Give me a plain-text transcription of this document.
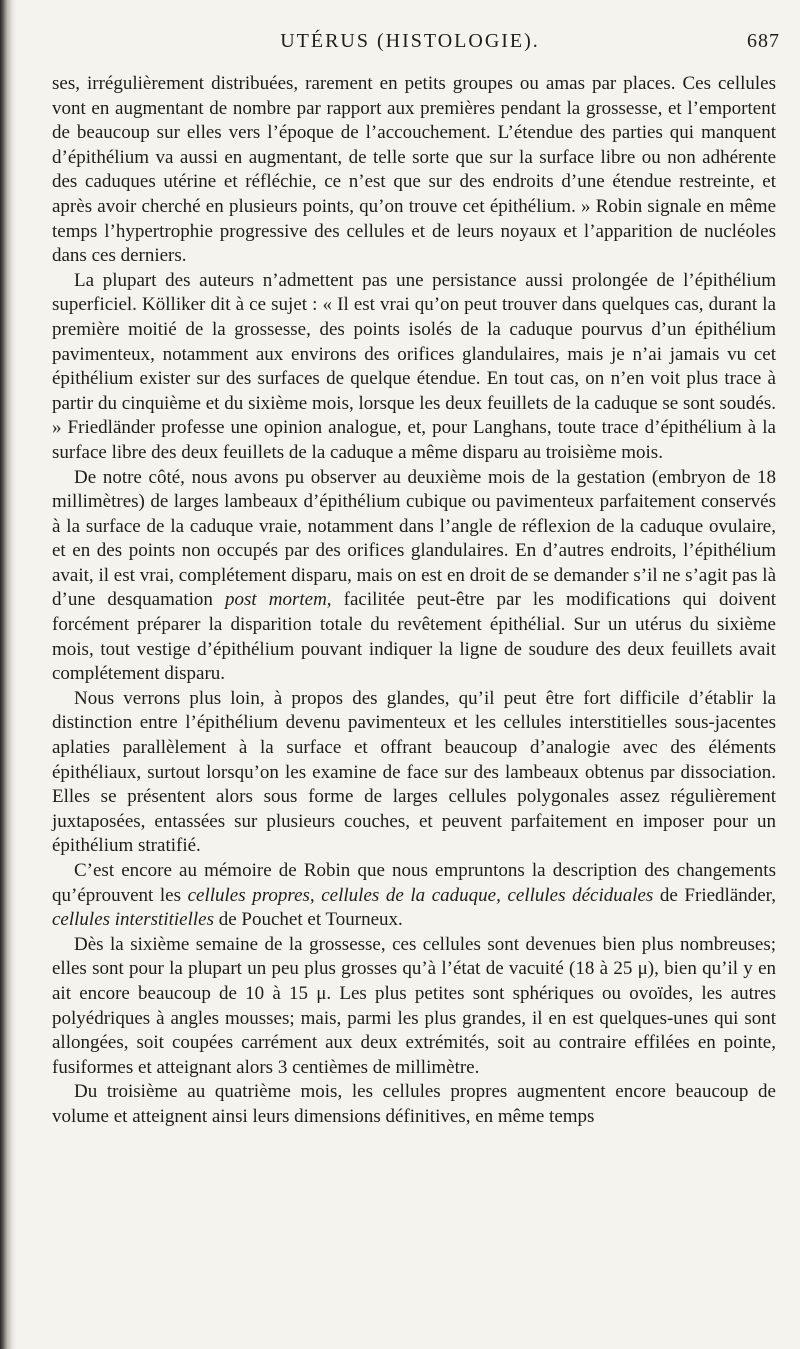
UTÉRUS (HISTOLOGIE).	687

ses, irrégulièrement distribuées, rarement en petits groupes ou amas par places. Ces cellules vont en augmentant de nombre par rapport aux premières pendant la grossesse, et l’emportent de beaucoup sur elles vers l’époque de l’accouchement. L’étendue des parties qui manquent d’épithélium va aussi en augmentant, de telle sorte que sur la surface libre ou non adhérente des caduques utérine et réfléchie, ce n’est que sur des endroits d’une étendue restreinte, et après avoir cherché en plusieurs points, qu’on trouve cet épithélium. » Robin signale en même temps l’hypertrophie progressive des cellules et de leurs noyaux et l’apparition de nucléoles dans ces derniers.

La plupart des auteurs n’admettent pas une persistance aussi prolongée de l’épithélium superficiel. Kölliker dit à ce sujet : « Il est vrai qu’on peut trouver dans quelques cas, durant la première moitié de la grossesse, des points isolés de la caduque pourvus d’un épithélium pavimenteux, notamment aux environs des orifices glandulaires, mais je n’ai jamais vu cet épithélium exister sur des surfaces de quelque étendue. En tout cas, on n’en voit plus trace à partir du cinquième et du sixième mois, lorsque les deux feuillets de la caduque se sont soudés. » Friedländer professe une opinion analogue, et, pour Langhans, toute trace d’épithélium à la surface libre des deux feuillets de la caduque a même disparu au troisième mois.

De notre côté, nous avons pu observer au deuxième mois de la gestation (embryon de 18 millimètres) de larges lambeaux d’épithélium cubique ou pavimenteux parfaitement conservés à la surface de la caduque vraie, notamment dans l’angle de réflexion de la caduque ovulaire, et en des points non occupés par des orifices glandulaires. En d’autres endroits, l’épithélium avait, il est vrai, complétement disparu, mais on est en droit de se demander s’il ne s’agit pas là d’une desquamation post mortem, facilitée peut-être par les modifications qui doivent forcément préparer la disparition totale du revêtement épithélial. Sur un utérus du sixième mois, tout vestige d’épithélium pouvant indiquer la ligne de soudure des deux feuillets avait complétement disparu.

Nous verrons plus loin, à propos des glandes, qu’il peut être fort difficile d’établir la distinction entre l’épithélium devenu pavimenteux et les cellules interstitielles sous-jacentes aplaties parallèlement à la surface et offrant beaucoup d’analogie avec des éléments épithéliaux, surtout lorsqu’on les examine de face sur des lambeaux obtenus par dissociation. Elles se présentent alors sous forme de larges cellules polygonales assez régulièrement juxtaposées, entassées sur plusieurs couches, et peuvent parfaitement en imposer pour un épithélium stratifié.

C’est encore au mémoire de Robin que nous empruntons la description des changements qu’éprouvent les cellules propres, cellules de la caduque, cellules déciduales de Friedländer, cellules interstitielles de Pouchet et Tourneux.

Dès la sixième semaine de la grossesse, ces cellules sont devenues bien plus nombreuses; elles sont pour la plupart un peu plus grosses qu’à l’état de vacuité (18 à 25 μ), bien qu’il y en ait encore beaucoup de 10 à 15 μ. Les plus petites sont sphériques ou ovoïdes, les autres polyédriques à angles mousses; mais, parmi les plus grandes, il en est quelques-unes qui sont allongées, soit coupées carrément aux deux extrémités, soit au contraire effilées en pointe, fusiformes et atteignant alors 3 centièmes de millimètre.

Du troisième au quatrième mois, les cellules propres augmentent encore beaucoup de volume et atteignent ainsi leurs dimensions définitives, en même temps
